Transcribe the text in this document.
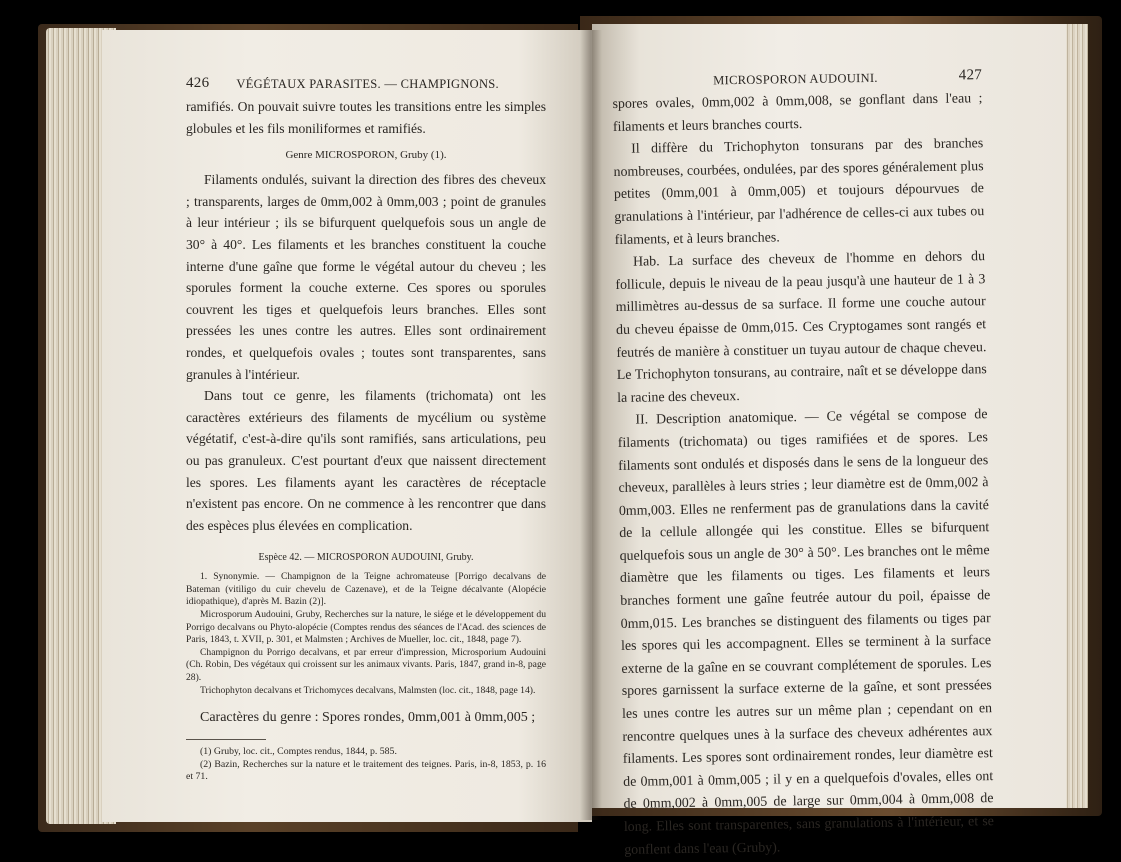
426 VÉGÉTAUX PARASITES. — CHAMPIGNONS.

ramifiés. On pouvait suivre toutes les transitions entre les simples globules et les fils moniliformes et ramifiés.

Genre MICROSPORON, Gruby (1).

Filaments ondulés, suivant la direction des fibres des cheveux ; transparents, larges de 0mm,002 à 0mm,003 ; point de granules à leur intérieur ; ils se bifurquent quelquefois sous un angle de 30° à 40°. Les filaments et les branches constituent la couche interne d'une gaîne que forme le végétal autour du cheveu ; les sporules forment la couche externe. Ces spores ou sporules couvrent les tiges et quelquefois leurs branches. Elles sont pressées les unes contre les autres. Elles sont ordinairement rondes, et quelquefois ovales ; toutes sont transparentes, sans granules à l'intérieur.

Dans tout ce genre, les filaments (trichomata) ont les caractères extérieurs des filaments de mycélium ou système végétatif, c'est-à-dire qu'ils sont ramifiés, sans articulations, peu ou pas granuleux. C'est pourtant d'eux que naissent directement les spores. Les filaments ayant les caractères de réceptacle n'existent pas encore. On ne commence à les rencontrer que dans des espèces plus élevées en complication.

Espèce 42. — MICROSPORON AUDOUINI, Gruby.

1. Synonymie. — Champignon de la Teigne achromateuse [Porrigo decalvans de Bateman (vitiligo du cuir chevelu de Cazenave), et de la Teigne décalvante (Alopécie idiopathique), d'après M. Bazin (2)].

Microsporum Audouini, Gruby, Recherches sur la nature, le siége et le développement du Porrigo decalvans ou Phyto-alopécie (Comptes rendus des séances de l'Acad. des sciences de Paris, 1843, t. XVII, p. 301, et Malmsten ; Archives de Mueller, loc. cit., 1848, page 7).

Champignon du Porrigo decalvans, et par erreur d'impression, Microsporium Audouini (Ch. Robin, Des végétaux qui croissent sur les animaux vivants. Paris, 1847, grand in-8, page 28).

Trichophyton decalvans et Trichomyces decalvans, Malmsten (loc. cit., 1848, page 14).

Caractères du genre : Spores rondes, 0mm,001 à 0mm,005 ;

(1) Gruby, loc. cit., Comptes rendus, 1844, p. 585.

(2) Bazin, Recherches sur la nature et le traitement des teignes. Paris, in-8, 1853, p. 16 et 71.

MICROSPORON AUDOUINI.	427

spores ovales, 0mm,002 à 0mm,008, se gonflant dans l'eau ; filaments et leurs branches courts.

Il diffère du Trichophyton tonsurans par des branches nombreuses, courbées, ondulées, par des spores généralement plus petites (0mm,001 à 0mm,005) et toujours dépourvues de granulations à l'intérieur, par l'adhérence de celles-ci aux tubes ou filaments, et à leurs branches.

Hab. La surface des cheveux de l'homme en dehors du follicule, depuis le niveau de la peau jusqu'à une hauteur de 1 à 3 millimètres au-dessus de sa surface. Il forme une couche autour du cheveu épaisse de 0mm,015. Ces Cryptogames sont rangés et feutrés de manière à constituer un tuyau autour de chaque cheveu. Le Trichophyton tonsurans, au contraire, naît et se développe dans la racine des cheveux.

II. Description anatomique. — Ce végétal se compose de filaments (trichomata) ou tiges ramifiées et de spores. Les filaments sont ondulés et disposés dans le sens de la longueur des cheveux, parallèles à leurs stries ; leur diamètre est de 0mm,002 à 0mm,003. Elles ne renferment pas de granulations dans la cavité de la cellule allongée qui les constitue. Elles se bifurquent quelquefois sous un angle de 30° à 50°. Les branches ont le même diamètre que les filaments ou tiges. Les filaments et leurs branches forment une gaîne feutrée autour du poil, épaisse de 0mm,015. Les branches se distinguent des filaments ou tiges par les spores qui les accompagnent. Elles se terminent à la surface externe de la gaîne en se couvrant complétement de sporules. Les spores garnissent la surface externe de la gaîne, et sont pressées les unes contre les autres sur un même plan ; cependant on en rencontre quelques unes à la surface des cheveux adhérentes aux filaments. Les spores sont ordinairement rondes, leur diamètre est de 0mm,001 à 0mm,005 ; il y en a quelquefois d'ovales, elles ont de 0mm,002 à 0mm,005 de large sur 0mm,004 à 0mm,008 de long. Elles sont transparentes, sans granulations à l'intérieur, et se gonflent dans l'eau (Gruby).
